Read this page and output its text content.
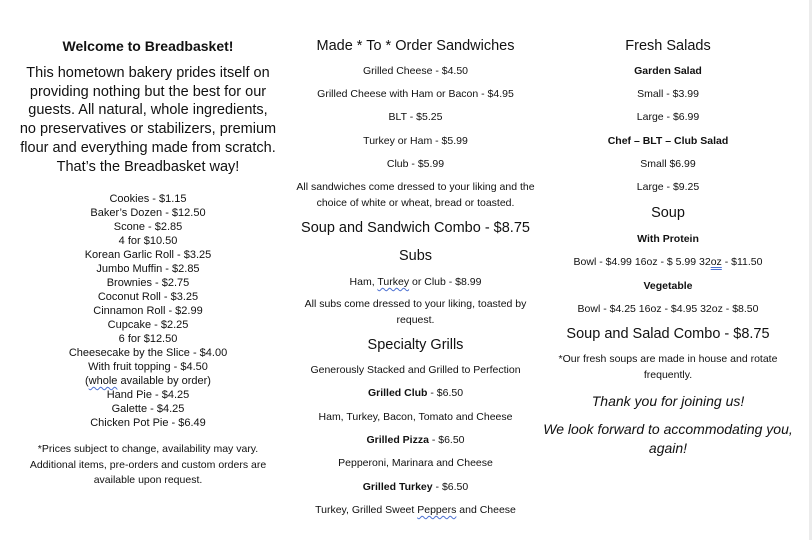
Welcome to Breadbasket!
This hometown bakery prides itself on
providing nothing but the best for our
guests. All natural, whole ingredients,
no preservatives or stabilizers, premium
flour and everything made from scratch.
That’s the Breadbasket way!
Cookies - $1.15
Baker’s Dozen - $12.50
Scone - $2.85
4 for $10.50
Korean Garlic Roll - $3.25
Jumbo Muffin - $2.85
Brownies - $2.75
Coconut Roll - $3.25
Cinnamon Roll - $2.99
Cupcake - $2.25
6 for $12.50
Cheesecake by the Slice - $4.00
With fruit topping - $4.50
(whole available by order)
Hand Pie - $4.25
Galette - $4.25
Chicken Pot Pie - $6.49
*Prices subject to change, availability may vary.
Additional items, pre-orders and custom orders are
available upon request.
Made * To * Order Sandwiches
Grilled Cheese - $4.50
Grilled Cheese with Ham or Bacon - $4.95
BLT - $5.25
Turkey or Ham - $5.99
Club - $5.99
All sandwiches come dressed to your liking and the
choice of white or wheat, bread or toasted.
Soup and Sandwich Combo - $8.75
Subs
Ham, Turkey or Club - $8.99
All subs come dressed to your liking, toasted by
request.
Specialty Grills
Generously Stacked and Grilled to Perfection
Grilled Club - $6.50
Ham, Turkey, Bacon, Tomato and Cheese
Grilled Pizza - $6.50
Pepperoni, Marinara and Cheese
Grilled Turkey - $6.50
Turkey, Grilled Sweet Peppers and Cheese
Fresh Salads
Garden Salad
Small - $3.99
Large - $6.99
Chef – BLT – Club Salad
Small $6.99
Large - $9.25
Soup
With Protein
Bowl - $4.99 16oz - $ 5.99 32oz - $11.50
Vegetable
Bowl - $4.25 16oz - $4.95 32oz - $8.50
Soup and Salad Combo - $8.75
*Our fresh soups are made in house and rotate
frequently.
Thank you for joining us!
We look forward to accommodating you,
again!
